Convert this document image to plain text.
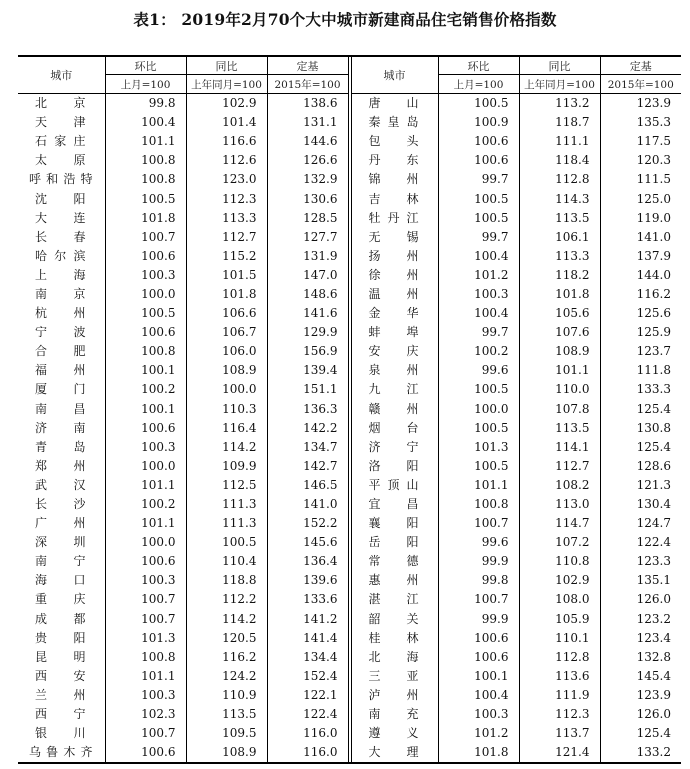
表1： 2019年2月70个大中城市新建商品住宅销售价格指数
城市	环比	同比	定基		城市	环比	同比	定基
	上月=100	上年同月=100	2015年=100			上月=100	上年同月=100	2015年=100
北　京	99.8	102.9	138.6		唐　山	100.5	113.2	123.9
天　津	100.4	101.4	131.1		秦皇岛	100.9	118.7	135.3
石家庄	101.1	116.6	144.6		包　头	100.6	111.1	117.5
太　原	100.8	112.6	126.6		丹　东	100.6	118.4	120.3
呼和浩特	100.8	123.0	132.9		锦　州	99.7	112.8	111.5
沈　阳	100.5	112.3	130.6		吉　林	100.5	114.3	125.0
大　连	101.8	113.3	128.5		牡丹江	100.5	113.5	119.0
长　春	100.7	112.7	127.7		无　锡	99.7	106.1	141.0
哈尔滨	100.6	115.2	131.9		扬　州	100.4	113.3	137.9
上　海	100.3	101.5	147.0		徐　州	101.2	118.2	144.0
南　京	100.0	101.8	148.6		温　州	100.3	101.8	116.2
杭　州	100.5	106.6	141.6		金　华	100.4	105.6	125.6
宁　波	100.6	106.7	129.9		蚌　埠	99.7	107.6	125.9
合　肥	100.8	106.0	156.9		安　庆	100.2	108.9	123.7
福　州	100.1	108.9	139.4		泉　州	99.6	101.1	111.8
厦　门	100.2	100.0	151.1		九　江	100.5	110.0	133.3
南　昌	100.1	110.3	136.3		赣　州	100.0	107.8	125.4
济　南	100.6	116.4	142.2		烟　台	100.5	113.5	130.8
青　岛	100.3	114.2	134.7		济　宁	101.3	114.1	125.4
郑　州	100.0	109.9	142.7		洛　阳	100.5	112.7	128.6
武　汉	101.1	112.5	146.5		平顶山	101.1	108.2	121.3
长　沙	100.2	111.3	141.0		宜　昌	100.8	113.0	130.4
广　州	101.1	111.3	152.2		襄　阳	100.7	114.7	124.7
深　圳	100.0	100.5	145.6		岳　阳	99.6	107.2	122.4
南　宁	100.6	110.4	136.4		常　德	99.9	110.8	123.3
海　口	100.3	118.8	139.6		惠　州	99.8	102.9	135.1
重　庆	100.7	112.2	133.6		湛　江	100.7	108.0	126.0
成　都	100.7	114.2	141.2		韶　关	99.9	105.9	123.2
贵　阳	101.3	120.5	141.4		桂　林	100.6	110.1	123.4
昆　明	100.8	116.2	134.4		北　海	100.6	112.8	132.8
西　安	101.1	124.2	152.4		三　亚	100.1	113.6	145.4
兰　州	100.3	110.9	122.1		泸　州	100.4	111.9	123.9
西　宁	102.3	113.5	122.4		南　充	100.3	112.3	126.0
银　川	100.7	109.5	116.0		遵　义	101.2	113.7	125.4
乌鲁木齐	100.6	108.9	116.0		大　理	101.8	121.4	133.2
